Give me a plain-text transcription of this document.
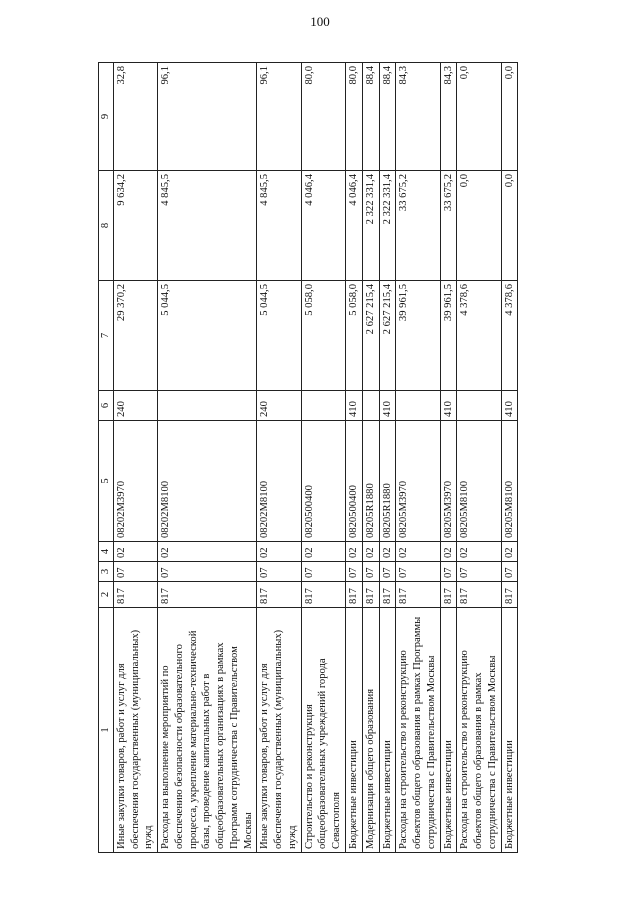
100
1	2	3	4	5	6	7	8	9
Иные закупки товаров, работ и услуг для обеспечения государственных (муниципальных) нужд	817	07	02	08202М3970	240	29 370,2	9 634,2	32,8
Расходы на выполнение мероприятий по обеспечению безопасности образовательного процесса, укрепление материально-технической базы, проведение капитальных работ в общеобразовательных организациях в рамках Программ сотрудничества с Правительством Москвы	817	07	02	08202М8100		5 044,5	4 845,5	96,1
Иные закупки товаров, работ и услуг для обеспечения государственных (муниципальных) нужд	817	07	02	08202М8100	240	5 044,5	4 845,5	96,1
Строительство и реконструкция общеобразовательных учреждений города Севастополя	817	07	02	0820500400		5 058,0	4 046,4	80,0
Бюджетные инвестиции	817	07	02	0820500400	410	5 058,0	4 046,4	80,0
Модернизация общего образования	817	07	02	08205R1880		2 627 215,4	2 322 331,4	88,4
Бюджетные инвестиции	817	07	02	08205R1880	410	2 627 215,4	2 322 331,4	88,4
Расходы на строительство и реконструкцию объектов общего образования в рамках Программы сотрудничества с Правительством Москвы	817	07	02	08205М3970		39 961,5	33 675,2	84,3
Бюджетные инвестиции	817	07	02	08205М3970	410	39 961,5	33 675,2	84,3
Расходы на строительство и реконструкцию объектов общего образования в рамках сотрудничества с Правительством Москвы	817	07	02	08205М8100		4 378,6	0,0	0,0
Бюджетные инвестиции	817	07	02	08205М8100	410	4 378,6	0,0	0,0
